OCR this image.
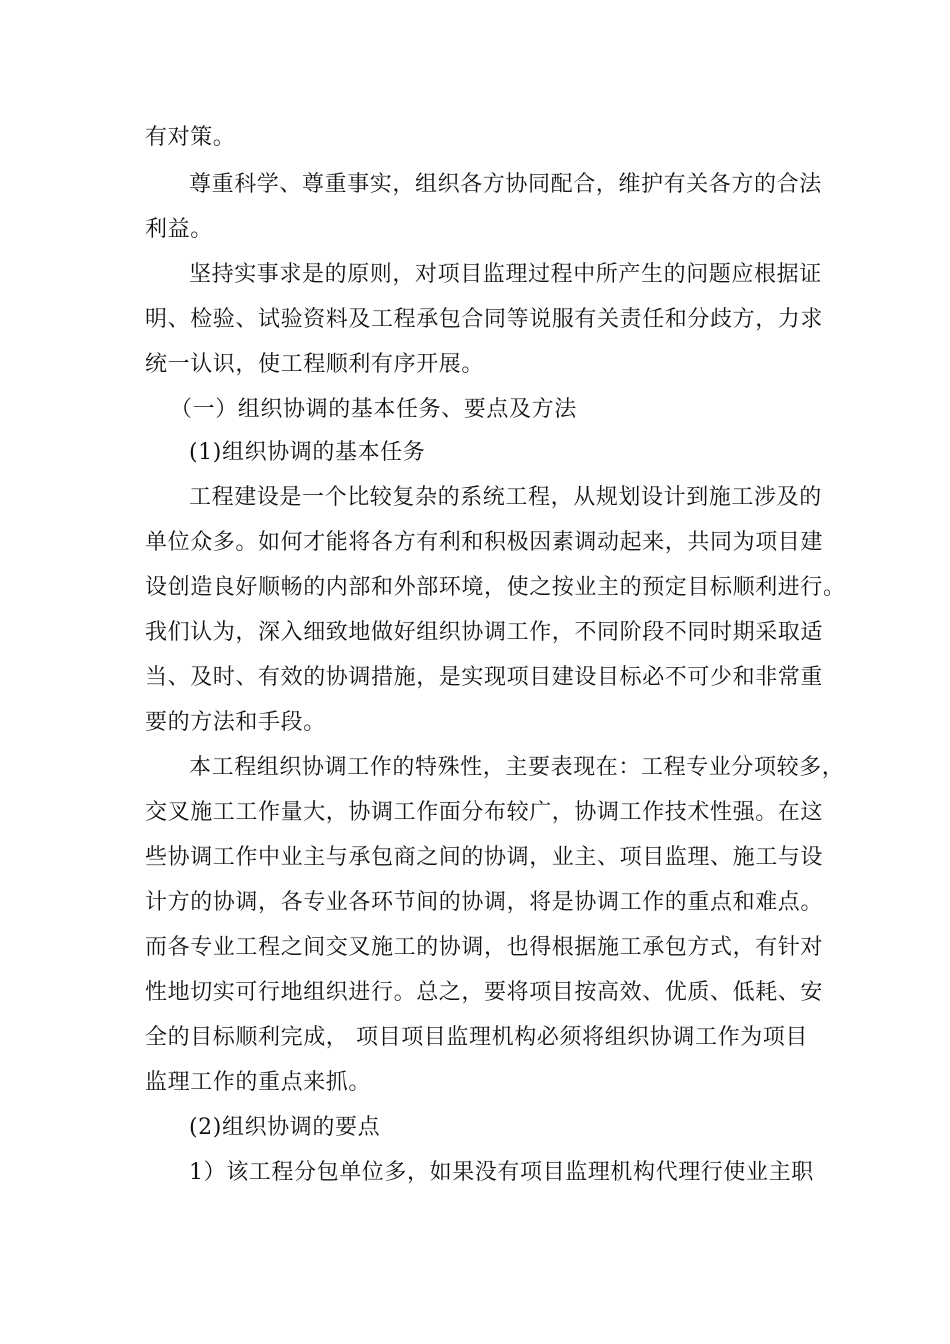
有对策。
尊重科学、尊重事实，组织各方协同配合，维护有关各方的合法
利益。
坚持实事求是的原则，对项目监理过程中所产生的问题应根据证
明、检验、试验资料及工程承包合同等说服有关责任和分歧方，力求
统一认识，使工程顺利有序开展。
（一）组织协调的基本任务、要点及方法
(1)组织协调的基本任务
工程建设是一个比较复杂的系统工程，从规划设计到施工涉及的
单位众多。如何才能将各方有利和积极因素调动起来，共同为项目建
设创造良好顺畅的内部和外部环境，使之按业主的预定目标顺利进行。
我们认为，深入细致地做好组织协调工作，不同阶段不同时期采取适
当、及时、有效的协调措施，是实现项目建设目标必不可少和非常重
要的方法和手段。
本工程组织协调工作的特殊性，主要表现在：工程专业分项较多，
交叉施工工作量大，协调工作面分布较广，协调工作技术性强。在这
些协调工作中业主与承包商之间的协调，业主、项目监理、施工与设
计方的协调，各专业各环节间的协调，将是协调工作的重点和难点。
而各专业工程之间交叉施工的协调，也得根据施工承包方式，有针对
性地切实可行地组织进行。总之，要将项目按高效、优质、低耗、安
全的目标顺利完成， 项目项目监理机构必须将组织协调工作为项目
监理工作的重点来抓。
(2)组织协调的要点
1）该工程分包单位多，如果没有项目监理机构代理行使业主职
